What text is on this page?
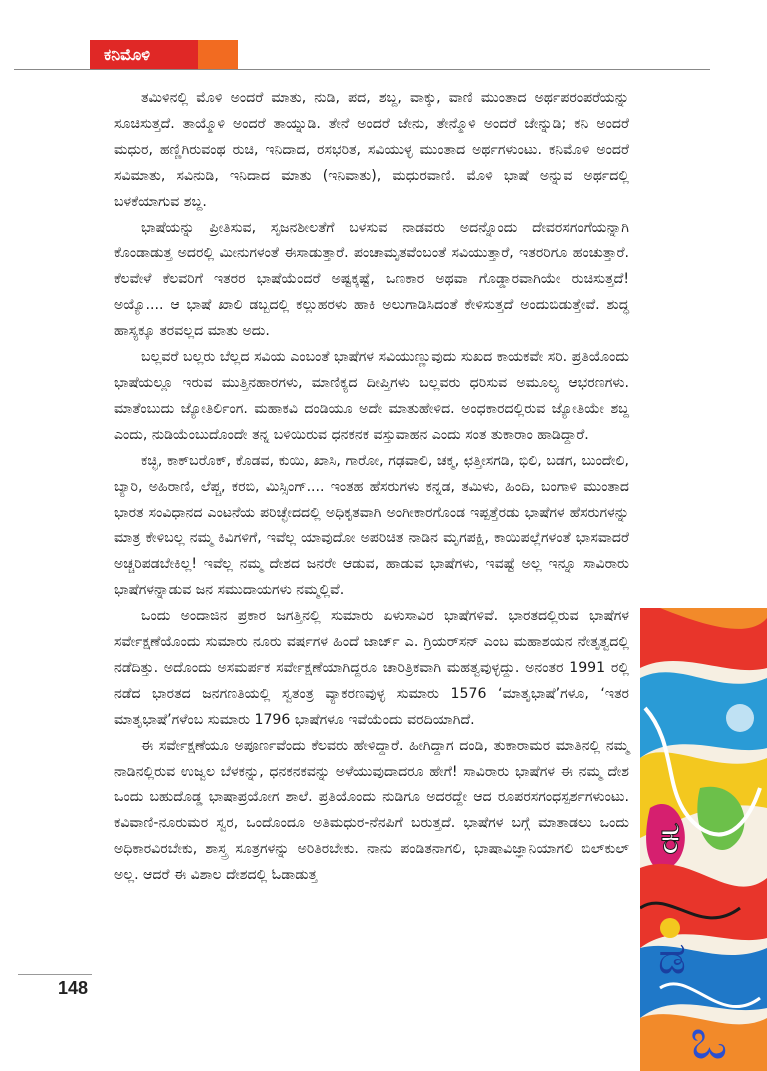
ಕನಿಮೊಳಿ

ತಮಿಳಿನಲ್ಲಿ ಮೊಳಿ ಅಂದರೆ ಮಾತು, ನುಡಿ, ಪದ, ಶಬ್ದ, ವಾಕ್ಕು, ವಾಣಿ ಮುಂತಾದ ಅರ್ಥಪರಂಪರೆಯನ್ನು ಸೂಚಿಸುತ್ತದೆ. ತಾಯ್ಮೊಳಿ ಅಂದರೆ ತಾಯ್ನುಡಿ. ತೇನೆ ಅಂದರೆ ಜೇನು, ತೇನ್ಮೊಳಿ ಅಂದರೆ ಜೇನ್ನುಡಿ; ಕನಿ ಅಂದರೆ ಮಧುರ, ಹಣ್ಣಿಗಿರುವಂಥ ರುಚಿ, ಇನಿದಾದ, ರಸಭರಿತ, ಸವಿಯುಳ್ಳ ಮುಂತಾದ ಅರ್ಥಗಳುಂಟು. ಕನಿಮೊಳಿ ಅಂದರೆ ಸವಿಮಾತು, ಸವಿನುಡಿ, ಇನಿದಾದ ಮಾತು (ಇನಿವಾತು), ಮಧುರವಾಣಿ. ಮೊಳಿ ಭಾಷೆ ಅನ್ನುವ ಅರ್ಥದಲ್ಲಿ ಬಳಕೆಯಾಗುವ ಶಬ್ದ.

ಭಾಷೆಯನ್ನು ಪ್ರೀತಿಸುವ, ಸೃಜನಶೀಲತೆಗೆ ಬಳಸುವ ನಾಡವರು ಅದನ್ನೊಂದು ದೇವರಸಗಂಗೆಯನ್ನಾಗಿ ಕೊಂಡಾಡುತ್ತ ಅದರಲ್ಲಿ ಮೀನುಗಳಂತೆ ಈಸಾಡುತ್ತಾರೆ. ಪಂಚಾಮೃತವೆಂಬಂತೆ ಸವಿಯುತ್ತಾರೆ, ಇತರರಿಗೂ ಹಂಚುತ್ತಾರೆ. ಕೆಲವೇಳೆ ಕೆಲವರಿಗೆ ಇತರರ ಭಾಷೆಯೆಂದರೆ ಅಷ್ಟಕ್ಕಷ್ಟೆ, ಒಣಕಾರ ಅಥವಾ ಗೊಡ್ಡಾರವಾಗಿಯೇ ರುಚಿಸುತ್ತದೆ! ಅಯ್ಯೊ.... ಆ ಭಾಷೆ ಖಾಲಿ ಡಬ್ಬದಲ್ಲಿ ಕಲ್ಲುಹರಳು ಹಾಕಿ ಅಲುಗಾಡಿಸಿದಂತೆ ಕೇಳಿಸುತ್ತದೆ ಅಂದುಬಿಡುತ್ತೇವೆ. ಶುದ್ಧ ಹಾಸ್ಯಕ್ಕೂ ತರವಲ್ಲದ ಮಾತು ಅದು.

ಬಲ್ಲವರೆ ಬಲ್ಲರು ಬೆಲ್ಲದ ಸವಿಯ ಎಂಬಂತೆ ಭಾಷೆಗಳ ಸವಿಯುಣ್ಣುವುದು ಸುಖದ ಕಾಯಕವೇ ಸರಿ. ಪ್ರತಿಯೊಂದು ಭಾಷೆಯಲ್ಲೂ ಇರುವ ಮುತ್ತಿನಹಾರಗಳು, ಮಾಣಿಕ್ಯದ ದೀಪ್ತಿಗಳು ಬಲ್ಲವರು ಧರಿಸುವ ಅಮೂಲ್ಯ ಆಭರಣಗಳು. ಮಾತೆಂಬುದು ಜ್ಯೋತಿರ್ಲಿಂಗ. ಮಹಾಕವಿ ದಂಡಿಯೂ ಅದೇ ಮಾತುಹೇಳಿದ. ಅಂಧಕಾರದಲ್ಲಿರುವ ಜ್ಯೋತಿಯೇ ಶಬ್ದ ಎಂದು, ನುಡಿಯೆಂಬುದೊಂದೇ ತನ್ನ ಬಳಿಯಿರುವ ಧನಕನಕ ವಸ್ತುವಾಹನ ಎಂದು ಸಂತ ತುಕಾರಾಂ ಹಾಡಿದ್ದಾರೆ.

ಕಚ್ಛಿ, ಕಾಕ್‌ಬರೊಕ್, ಕೊಡವ, ಕುಯಿ, ಖಾಸಿ, ಗಾರೋ, ಗಢವಾಲಿ, ಚಕ್ಮ, ಛತ್ತೀಸಗಡಿ, ಭಿಲಿ, ಬಡಗ, ಬುಂದೇಲಿ, ಬ್ಯಾರಿ, ಅಹಿರಾಣಿ, ಲೆಪ್ಚ, ಕರಬಿ, ಮಿಸ್ಸಿಂಗ್.... ಇಂತಹ ಹೆಸರುಗಳು ಕನ್ನಡ, ತಮಿಳು, ಹಿಂದಿ, ಬಂಗಾಳಿ ಮುಂತಾದ ಭಾರತ ಸಂವಿಧಾನದ ಎಂಟನೆಯ ಪರಿಚ್ಛೇದದಲ್ಲಿ ಅಧಿಕೃತವಾಗಿ ಅಂಗೀಕಾರಗೊಂಡ ಇಪ್ಪತ್ತೆರಡು ಭಾಷೆಗಳ ಹೆಸರುಗಳನ್ನು ಮಾತ್ರ ಕೇಳಿಬಲ್ಲ ನಮ್ಮ ಕಿವಿಗಳಿಗೆ, ಇವೆಲ್ಲ ಯಾವುದೋ ಅಪರಿಚಿತ ನಾಡಿನ ಮೃಗಪಕ್ಷಿ, ಕಾಯಿಪಲ್ಲೆಗಳಂತೆ ಭಾಸವಾದರೆ ಅಚ್ಚರಿಪಡಬೇಕಿಲ್ಲ! ಇವೆಲ್ಲ ನಮ್ಮ ದೇಶದ ಜನರೇ ಆಡುವ, ಹಾಡುವ ಭಾಷೆಗಳು, ಇವಷ್ಟೆ ಅಲ್ಲ ಇನ್ನೂ ಸಾವಿರಾರು ಭಾಷೆಗಳನ್ನಾಡುವ ಜನ ಸಮುದಾಯಗಳು ನಮ್ಮಲ್ಲಿವೆ.

ಒಂದು ಅಂದಾಜಿನ ಪ್ರಕಾರ ಜಗತ್ತಿನಲ್ಲಿ ಸುಮಾರು ಏಳುಸಾವಿರ ಭಾಷೆಗಳಿವೆ. ಭಾರತದಲ್ಲಿರುವ ಭಾಷೆಗಳ ಸರ್ವೇಕ್ಷಣೆಯೊಂದು ಸುಮಾರು ನೂರು ವರ್ಷಗಳ ಹಿಂದೆ ಜಾರ್ಜ್ ಎ. ಗ್ರಿಯರ್‌ಸನ್ ಎಂಬ ಮಹಾಶಯನ ನೇತೃತ್ವದಲ್ಲಿ ನಡೆದಿತ್ತು. ಅದೊಂದು ಅಸಮರ್ಪಕ ಸರ್ವೇಕ್ಷಣೆಯಾಗಿದ್ದರೂ ಚಾರಿತ್ರಿಕವಾಗಿ ಮಹತ್ವವುಳ್ಳದ್ದು. ಅನಂತರ 1991 ರಲ್ಲಿ ನಡೆದ ಭಾರತದ ಜನಗಣತಿಯಲ್ಲಿ ಸ್ವತಂತ್ರ ವ್ಯಾಕರಣವುಳ್ಳ ಸುಮಾರು 1576 ‘ಮಾತೃಭಾಷೆ’ಗಳೂ, ‘ಇತರ ಮಾತೃಭಾಷೆ’ಗಳೆಂಬ ಸುಮಾರು 1796 ಭಾಷೆಗಳೂ ಇವೆಯೆಂದು ವರದಿಯಾಗಿದೆ.

ಈ ಸರ್ವೇಕ್ಷಣೆಯೂ ಅಪೂರ್ಣವೆಂದು ಕೆಲವರು ಹೇಳಿದ್ದಾರೆ. ಹೀಗಿದ್ದಾಗ ದಂಡಿ, ತುಕಾರಾಮರ ಮಾತಿನಲ್ಲಿ ನಮ್ಮ ನಾಡಿನಲ್ಲಿರುವ ಉಜ್ವಲ ಬೆಳಕನ್ನು, ಧನಕನಕವನ್ನು ಅಳೆಯುವುದಾದರೂ ಹೇಗೆ! ಸಾವಿರಾರು ಭಾಷೆಗಳ ಈ ನಮ್ಮ ದೇಶ ಒಂದು ಬಹುದೊಡ್ಡ ಭಾಷಾಪ್ರಯೋಗ ಶಾಲೆ. ಪ್ರತಿಯೊಂದು ನುಡಿಗೂ ಅದರದ್ದೇ ಆದ ರೂಪರಸಗಂಧಸ್ಪರ್ಶಗಳುಂಟು. ಕವಿವಾಣಿ-ನೂರುಮರ ಸ್ವರ, ಒಂದೊಂದೂ ಅತಿಮಧುರ-ನೆನಪಿಗೆ ಬರುತ್ತದೆ. ಭಾಷೆಗಳ ಬಗ್ಗೆ ಮಾತಾಡಲು ಒಂದು ಅಧಿಕಾರವಿರಬೇಕು, ಶಾಸ್ತ್ರ ಸೂತ್ರಗಳನ್ನು ಅರಿತಿರಬೇಕು. ನಾನು ಪಂಡಿತನಾಗಲಿ, ಭಾಷಾವಿಜ್ಞಾನಿಯಾಗಲಿ ಬಿಲ್‌ಕುಲ್ ಅಲ್ಲ. ಆದರೆ ಈ ವಿಶಾಲ ದೇಶದಲ್ಲಿ ಓಡಾಡುತ್ತ

148
ಕ
ಡ
ಒ
